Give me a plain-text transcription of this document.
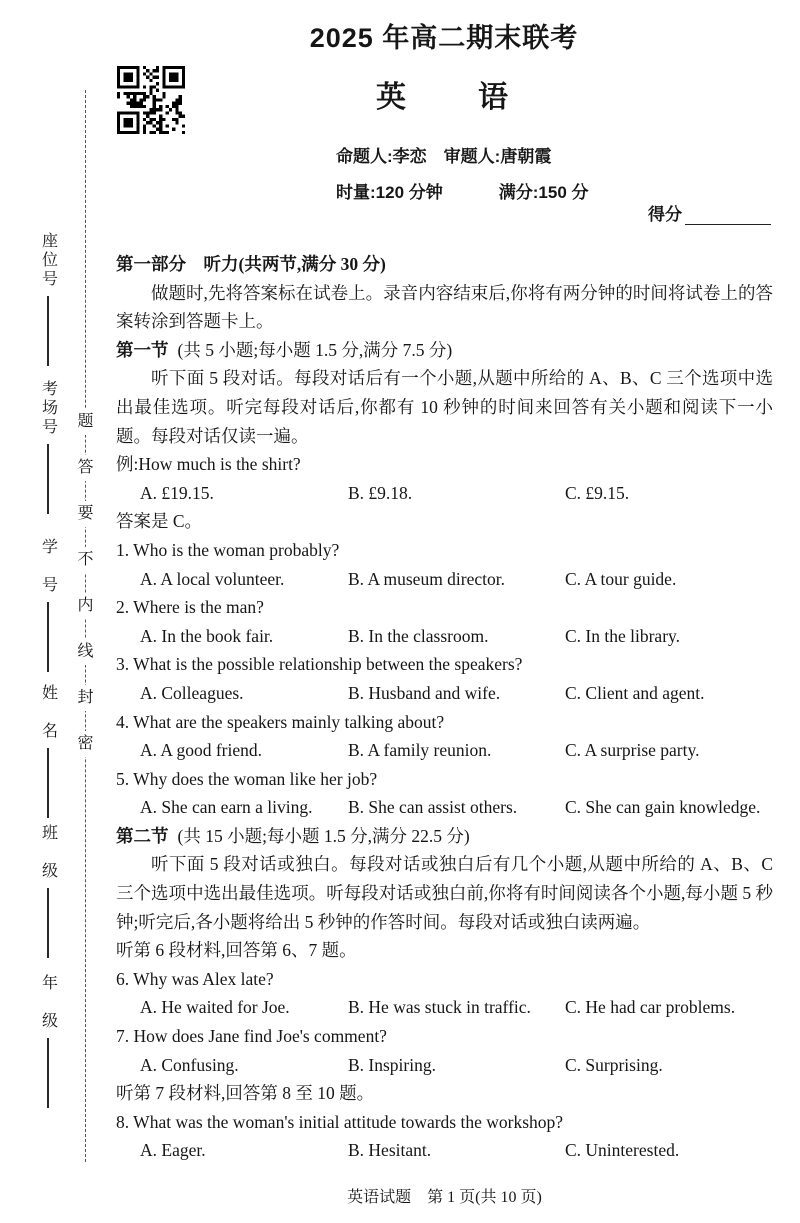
座位号
考场号
学　号
姓　名
班　级
年　级
题
答
要
不
内
线
封
密
2025 年高二期末联考
英　　语
命题人:李恋　审题人:唐朝霞
时量:120 分钟	满分:150 分
得分

第一部分　听力(共两节,满分 30 分)

做题时,先将答案标在试卷上。录音内容结束后,你将有两分钟的时间将试卷上的答案转涂到答题卡上。

第一节 (共 5 小题;每小题 1.5 分,满分 7.5 分)

听下面 5 段对话。每段对话后有一个小题,从题中所给的 A、B、C 三个选项中选出最佳选项。听完每段对话后,你都有 10 秒钟的时间来回答有关小题和阅读下一小题。每段对话仅读一遍。

例:How much is the shirt?

A. £19.15.	B. £9.18.	C. £9.15.

答案是 C。

1. Who is the woman probably?

A. A local volunteer.	B. A museum director.	C. A tour guide.

2. Where is the man?

A. In the book fair.	B. In the classroom.	C. In the library.

3. What is the possible relationship between the speakers?

A. Colleagues.	B. Husband and wife.	C. Client and agent.

4. What are the speakers mainly talking about?

A. A good friend.	B. A family reunion.	C. A surprise party.

5. Why does the woman like her job?

A. She can earn a living.	B. She can assist others.	C. She can gain knowledge.

第二节 (共 15 小题;每小题 1.5 分,满分 22.5 分)

听下面 5 段对话或独白。每段对话或独白后有几个小题,从题中所给的 A、B、C 三个选项中选出最佳选项。听每段对话或独白前,你将有时间阅读各个小题,每小题 5 秒钟;听完后,各小题将给出 5 秒钟的作答时间。每段对话或独白读两遍。

听第 6 段材料,回答第 6、7 题。

6. Why was Alex late?

A. He waited for Joe.	B. He was stuck in traffic.	C. He had car problems.

7. How does Jane find Joe's comment?

A. Confusing.	B. Inspiring.	C. Surprising.

听第 7 段材料,回答第 8 至 10 题。

8. What was the woman's initial attitude towards the workshop?

A. Eager.	B. Hesitant.	C. Uninterested.
英语试题　第 1 页(共 10 页)
